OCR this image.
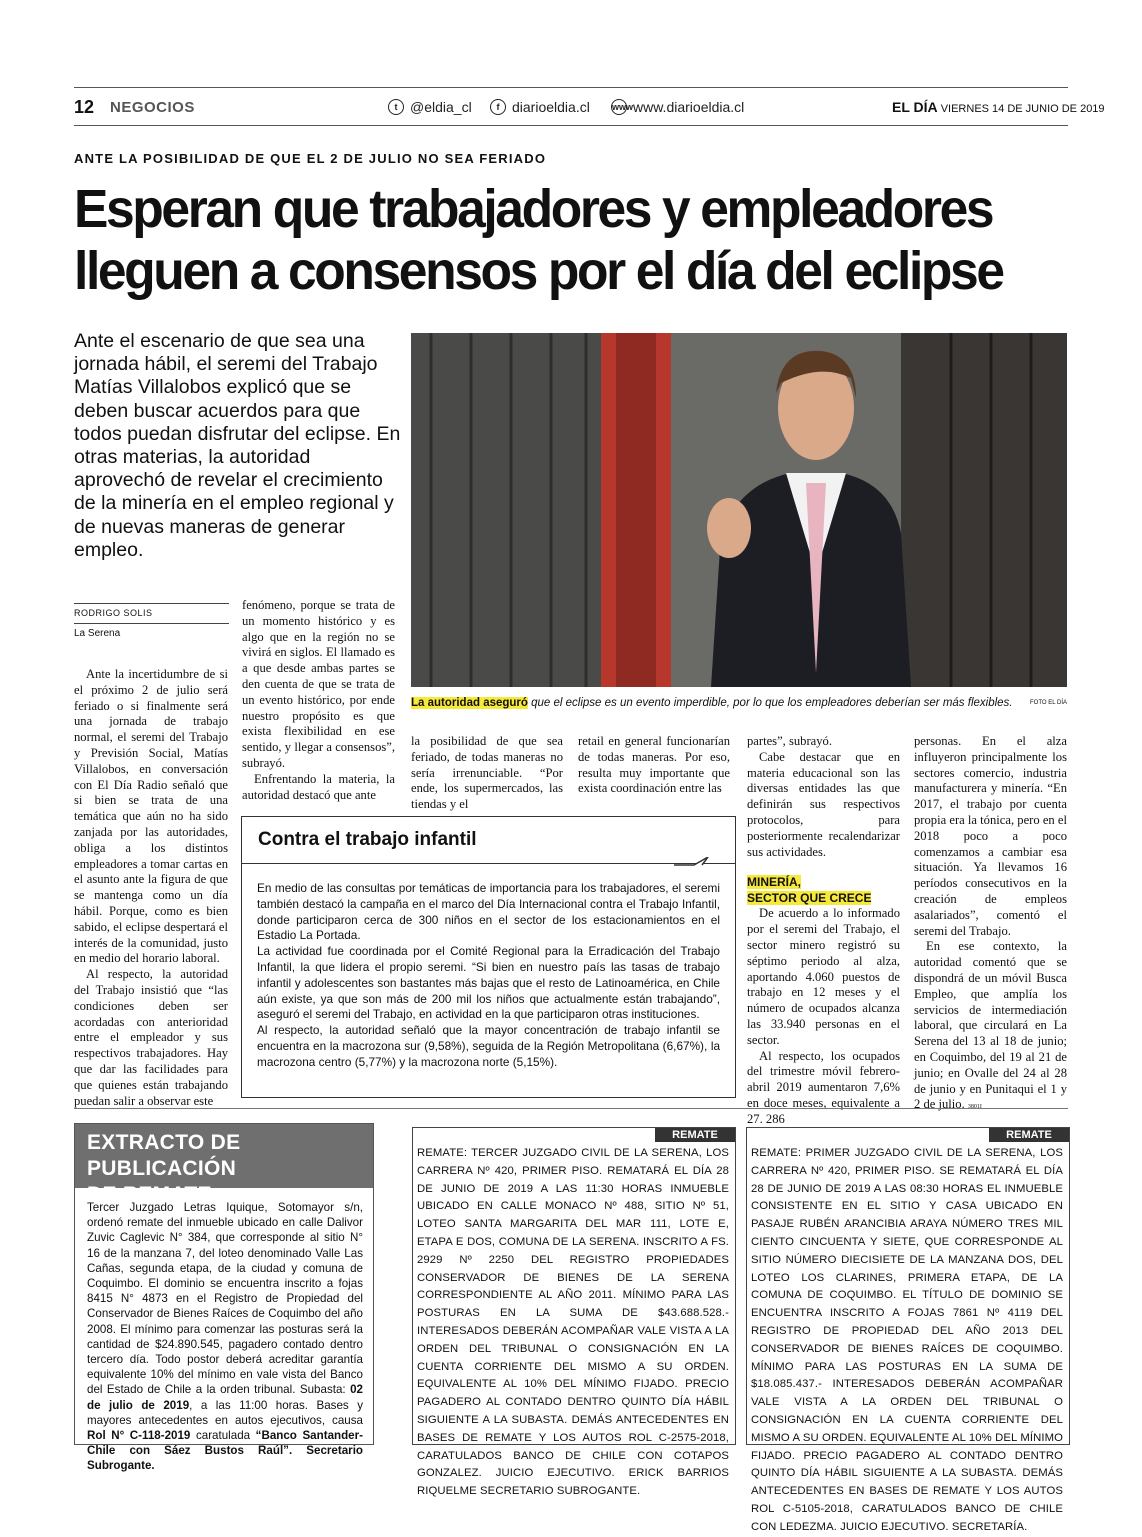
12 NEGOCIOS	t @eldia_cl	f diarioeldia.cl www www.diarioeldia.cl	EL DÍA VIERNES 14 DE JUNIO DE 2019
ANTE LA POSIBILIDAD DE QUE EL 2 DE JULIO NO SEA FERIADO
Esperan que trabajadores y empleadores
lleguen a consensos por el día del eclipse
Ante el escenario de que sea una jornada hábil, el seremi del Trabajo Matías Villalobos explicó que se deben buscar acuerdos para que todos puedan disfrutar del eclipse. En otras materias, la autoridad aprovechó de revelar el crecimiento de la minería en el empleo regional y de nuevas maneras de generar empleo.
La autoridad aseguró que el eclipse es un evento imperdible, por lo que los empleadores deberían ser más flexibles.	FOTO EL DÍA
RODRIGO SOLIS
La Serena

Ante la incertidumbre de si el próximo 2 de julio será feriado o si finalmente será una jornada de trabajo normal, el seremi del Trabajo y Previsión Social, Matías Villalobos, en conversación con El Día Radio señaló que si bien se trata de una temática que aún no ha sido zanjada por las autoridades, obliga a los distintos empleadores a tomar cartas en el asunto ante la figura de que se mantenga como un día hábil. Porque, como es bien sabido, el eclipse despertará el interés de la comunidad, justo en medio del horario laboral.

Al respecto, la autoridad del Trabajo insistió que “las condiciones deben ser acordadas con anterioridad entre el empleador y sus respectivos trabajadores. Hay que dar las facilidades para que quienes están trabajando puedan salir a observar este

fenómeno, porque se trata de un momento histórico y es algo que en la región no se vivirá en siglos. El llamado es a que desde ambas partes se den cuenta de que se trata de un evento histórico, por ende nuestro propósito es que exista flexibilidad en ese sentido, y llegar a consensos”, subrayó.

Enfrentando la materia, la autoridad destacó que ante

la posibilidad de que sea feriado, de todas maneras no sería irrenunciable. “Por ende, los supermercados, las tiendas y el

retail en general funcionarían de todas maneras. Por eso, resulta muy importante que exista coordinación entre las

partes”, subrayó.

Cabe destacar que en materia educacional son las diversas entidades las que definirán sus respectivos protocolos, para posteriormente recalendarizar sus actividades.

MINERÍA,
SECTOR QUE CRECE

De acuerdo a lo informado por el seremi del Trabajo, el sector minero registró su séptimo periodo al alza, aportando 4.060 puestos de trabajo en 12 meses y el número de ocupados alcanza las 33.940 personas en el sector.

Al respecto, los ocupados del trimestre móvil febrero-abril 2019 aumentaron 7,6% en doce meses, equivalente a 27. 286

personas. En el alza influyeron principalmente los sectores comercio, industria manufacturera y minería. “En 2017, el trabajo por cuenta propia era la tónica, pero en el 2018 poco a poco comenzamos a cambiar esa situación. Ya llevamos 16 períodos consecutivos en la creación de empleos asalariados”, comentó el seremi del Trabajo.

En ese contexto, la autoridad comentó que se dispondrá de un móvil Busca Empleo, que amplía los servicios de intermediación laboral, que circulará en La Serena del 13 al 18 de junio; en Coquimbo, del 19 al 21 de junio; en Ovalle del 24 al 28 de junio y en Punitaqui el 1 y 2 de julio. 3801I

Contra el trabajo infantil

En medio de las consultas por temáticas de importancia para los trabajadores, el seremi también destacó la campaña en el marco del Día Internacional contra el Trabajo Infantil, donde participaron cerca de 300 niños en el sector de los estacionamientos en el Estadio La Portada.

La actividad fue coordinada por el Comité Regional para la Erradicación del Trabajo Infantil, la que lidera el propio seremi. “Si bien en nuestro país las tasas de trabajo infantil y adolescentes son bastantes más bajas que el resto de Latinoamérica, en Chile aún existe, ya que son más de 200 mil los niños que actualmente están trabajando”, aseguró el seremi del Trabajo, en actividad en la que participaron otras instituciones.

Al respecto, la autoridad señaló que la mayor concentración de trabajo infantil se encuentra en la macrozona sur (9,58%), seguida de la Región Metropolitana (6,67%), la macrozona centro (5,77%) y la macrozona norte (5,15%).

EXTRACTO DE PUBLICACIÓN
DE REMATE
Tercer Juzgado Letras Iquique, Sotomayor s/n, ordenó remate del inmueble ubicado en calle Dalivor Zuvic Caglevic N° 384, que corresponde al sitio N° 16 de la manzana 7, del loteo denominado Valle Las Cañas, segunda etapa, de la ciudad y comuna de Coquimbo. El dominio se encuentra inscrito a fojas 8415 N° 4873 en el Registro de Propiedad del Conservador de Bienes Raíces de Coquimbo del año 2008. El mínimo para comenzar las posturas será la cantidad de $24.890.545, pagadero contado dentro tercero día. Todo postor deberá acreditar garantía equivalente 10% del mínimo en vale vista del Banco del Estado de Chile a la orden tribunal. Subasta: 02 de julio de 2019, a las 11:00 horas. Bases y mayores antecedentes en autos ejecutivos, causa Rol N° C-118-2019 caratulada “Banco Santander-Chile con Sáez Bustos Raúl”. Secretario Subrogante.
REMATE
REMATE: TERCER JUZGADO CIVIL DE LA SERENA, LOS CARRERA Nº 420, PRIMER PISO. REMATARÁ EL DÍA 28 DE JUNIO DE 2019 A LAS 11:30 HORAS INMUEBLE UBICADO EN CALLE MONACO Nº 488, SITIO Nº 51, LOTEO SANTA MARGARITA DEL MAR 111, LOTE E, ETAPA E DOS, COMUNA DE LA SERENA. INSCRITO A FS. 2929 Nº 2250 DEL REGISTRO PROPIEDADES CONSERVADOR DE BIENES DE LA SERENA CORRESPONDIENTE AL AÑO 2011. MÍNIMO PARA LAS POSTURAS EN LA SUMA DE $43.688.528.- INTERESADOS DEBERÁN ACOMPAÑAR VALE VISTA A LA ORDEN DEL TRIBUNAL O CONSIGNACIÓN EN LA CUENTA CORRIENTE DEL MISMO A SU ORDEN. EQUIVALENTE AL 10% DEL MÍNIMO FIJADO. PRECIO PAGADERO AL CONTADO DENTRO QUINTO DÍA HÁBIL SIGUIENTE A LA SUBASTA. DEMÁS ANTECEDENTES EN BASES DE REMATE Y LOS AUTOS ROL C-2575-2018, CARATULADOS BANCO DE CHILE CON COTAPOS GONZALEZ. JUICIO EJECUTIVO. ERICK BARRIOS RIQUELME SECRETARIO SUBROGANTE.
REMATE
REMATE: PRIMER JUZGADO CIVIL DE LA SERENA, LOS CARRERA Nº 420, PRIMER PISO. SE REMATARÁ EL DÍA 28 DE JUNIO DE 2019 A LAS 08:30 HORAS EL INMUEBLE CONSISTENTE EN EL SITIO Y CASA UBICADO EN PASAJE RUBÉN ARANCIBIA ARAYA NÚMERO TRES MIL CIENTO CINCUENTA Y SIETE, QUE CORRESPONDE AL SITIO NÚMERO DIECISIETE DE LA MANZANA DOS, DEL LOTEO LOS CLARINES, PRIMERA ETAPA, DE LA COMUNA DE COQUIMBO. EL TÍTULO DE DOMINIO SE ENCUENTRA INSCRITO A FOJAS 7861 Nº 4119 DEL REGISTRO DE PROPIEDAD DEL AÑO 2013 DEL CONSERVADOR DE BIENES RAÍCES DE COQUIMBO. MÍNIMO PARA LAS POSTURAS EN LA SUMA DE $18.085.437.- INTERESADOS DEBERÁN ACOMPAÑAR VALE VISTA A LA ORDEN DEL TRIBUNAL O CONSIGNACIÓN EN LA CUENTA CORRIENTE DEL MISMO A SU ORDEN. EQUIVALENTE AL 10% DEL MÍNIMO FIJADO. PRECIO PAGADERO AL CONTADO DENTRO QUINTO DÍA HÁBIL SIGUIENTE A LA SUBASTA. DEMÁS ANTECEDENTES EN BASES DE REMATE Y LOS AUTOS ROL C-5105-2018, CARATULADOS BANCO DE CHILE CON LEDEZMA. JUICIO EJECUTIVO. SECRETARÍA.
